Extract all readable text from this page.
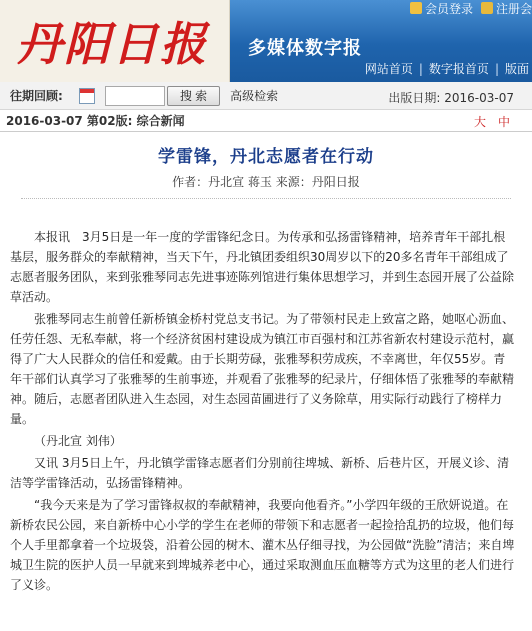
丹阳日报 多媒体数字报
会员登录 注册会
网站首页 | 数字报首页 | 版面
往期回顾:	搜 索	高级检索	出版日期: 2016-03-07
2016-03-07 第02版: 综合新闻	大 中
学雷锋，丹北志愿者在行动
作者：丹北宣 蒋玉 来源：丹阳日报

本报讯　3月5日是一年一度的学雷锋纪念日。为传承和弘扬雷锋精神，培养青年干部扎根基层，服务群众的奉献精神，当天下午，丹北镇团委组织30周岁以下的20多名青年干部组成了志愿者服务团队，来到张雅琴同志先进事迹陈列馆进行集体思想学习，并到生态园开展了公益除草活动。

张雅琴同志生前曾任新桥镇金桥村党总支书记。为了带领村民走上致富之路，她呕心沥血、任劳任怨、无私奉献，将一个经济贫困村建设成为镇江市百强村和江苏省新农村建设示范村，赢得了广大人民群众的信任和爱戴。由于长期劳碌，张雅琴积劳成疾，不幸离世，年仅55岁。青年干部们认真学习了张雅琴的生前事迹，并观看了张雅琴的纪录片，仔细体悟了张雅琴的奉献精神。随后，志愿者团队进入生态园，对生态园苗圃进行了义务除草，用实际行动践行了榜样力量。

（丹北宣 刘伟）

又讯 3月5日上午，丹北镇学雷锋志愿者们分别前往埤城、新桥、后巷片区，开展义诊、清洁等学雷锋活动，弘扬雷锋精神。

“我今天来是为了学习雷锋叔叔的奉献精神，我要向他看齐。”小学四年级的王欣妍说道。在新桥农民公园，来自新桥中心小学的学生在老师的带领下和志愿者一起捡拾乱扔的垃圾，他们每个人手里都拿着一个垃圾袋，沿着公园的树木、灌木丛仔细寻找，为公园做“洗脸”清洁；来自埤城卫生院的医护人员一早就来到埤城养老中心，通过采取测血压血糖等方式为这里的老人们进行了义诊。
